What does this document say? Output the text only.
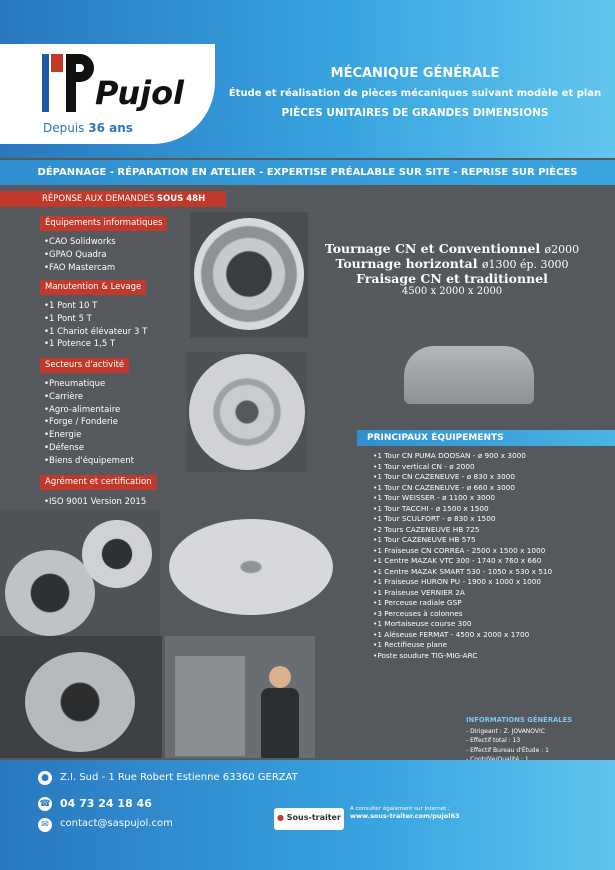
Pujol
Depuis 36 ans
MÉCANIQUE GÉNÉRALE
Étude et réalisation de pièces mécaniques suivant modèle et plan
PIÈCES UNITAIRES DE GRANDES DIMENSIONS
DÉPANNAGE - RÉPARATION EN ATELIER - EXPERTISE PRÉALABLE SUR SITE - REPRISE SUR PIÈCES
RÉPONSE AUX DEMANDES SOUS 48H
Équipements informatiques
• CAO Solidworks
• GPAO Quadra
• FAO Mastercam
Manutention & Levage
• 1 Pont 10 T
• 1 Pont 5 T
• 1 Chariot élévateur 3 T
• 1 Potence 1,5 T
Secteurs d'activité
• Pneumatique
• Carrière
• Agro-alimentaire
• Forge / Fonderie
• Energie
• Défense
• Biens d'équipement
Agrément et certification
• ISO 9001 Version 2015
Tournage CN et Conventionnel ø2000
Tournage horizontal ø1300 ép. 3000
Fraisage CN et traditionnel
4500 x 2000 x 2000
PRINCIPAUX ÉQUIPEMENTS
• 1 Tour CN PUMA DOOSAN - ø 900 x 3000
• 1 Tour vertical CN - ø 2000
• 1 Tour CN CAZENEUVE - ø 830 x 3000
• 1 Tour CN CAZENEUVE - ø 660 x 3000
• 1 Tour WEISSER - ø 1100 x 3000
• 1 Tour TACCHI - ø 1500 x 1500
• 1 Tour SCULFORT - ø 830 x 1500
• 2 Tours CAZENEUVE HB 725
• 1 Tour CAZENEUVE HB 575
• 1 Fraiseuse CN CORREA - 2500 x 1500 x 1000
• 1 Centre MAZAK VTC 300 - 1740 x 760 x 660
• 1 Centre MAZAK SMART 530 - 1050 x 530 x 510
• 1 Fraiseuse HURON PU - 1900 x 1000 x 1000
• 1 Fraiseuse VERNIER 2A
• 1 Perceuse radiale GSP
• 3 Perceuses à colonnes
• 1 Mortaiseuse course 300
• 1 Aléseuse FERMAT - 4500 x 2000 x 1700
• 1 Rectifieuse plane
• Poste soudure TIG-MIG-ARC
INFORMATIONS GÉNÉRALES
- Dirigeant : Z. JOVANOVIC
- Effectif total : 13
- Effectif Bureau d'Étude : 1
-
-
-
-
-
-
●	Z.I. Sud - 1 Rue Robert Estienne 63360 GERZAT
☎ 04 73 24 18 46
✉	contact@saspujol.com
● Sous-traiter
A consulter également sur Internet :
www.sous-traiter.com/pujol63
